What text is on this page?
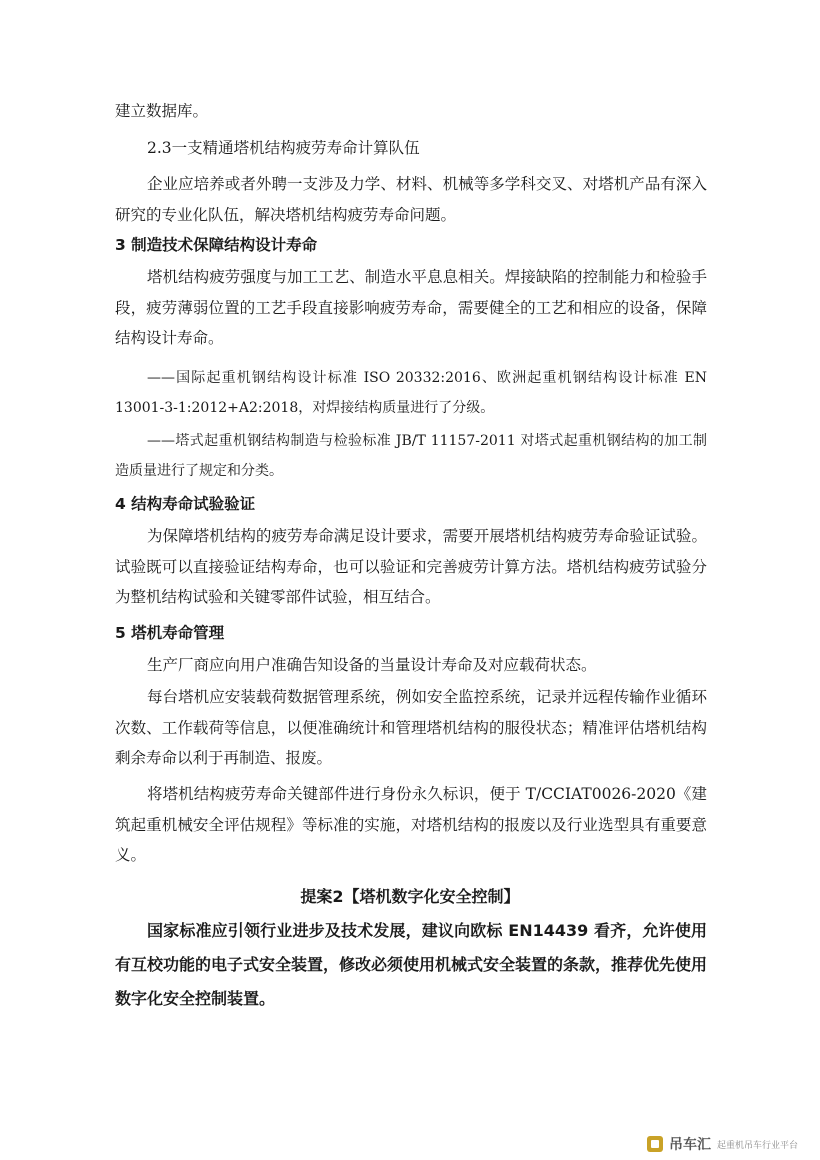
建立数据库。

2.3一支精通塔机结构疲劳寿命计算队伍

企业应培养或者外聘一支涉及力学、材料、机械等多学科交叉、对塔机产品有深入研究的专业化队伍，解决塔机结构疲劳寿命问题。

3 制造技术保障结构设计寿命

塔机结构疲劳强度与加工工艺、制造水平息息相关。焊接缺陷的控制能力和检验手段，疲劳薄弱位置的工艺手段直接影响疲劳寿命，需要健全的工艺和相应的设备，保障结构设计寿命。

——国际起重机钢结构设计标准 ISO 20332:2016、欧洲起重机钢结构设计标准 EN 13001-3-1:2012+A2:2018，对焊接结构质量进行了分级。

——塔式起重机钢结构制造与检验标准 JB/T 11157-2011 对塔式起重机钢结构的加工制造质量进行了规定和分类。

4 结构寿命试验验证

为保障塔机结构的疲劳寿命满足设计要求，需要开展塔机结构疲劳寿命验证试验。试验既可以直接验证结构寿命，也可以验证和完善疲劳计算方法。塔机结构疲劳试验分为整机结构试验和关键零部件试验，相互结合。

5 塔机寿命管理

生产厂商应向用户准确告知设备的当量设计寿命及对应载荷状态。

每台塔机应安装载荷数据管理系统，例如安全监控系统，记录并远程传输作业循环次数、工作载荷等信息，以便准确统计和管理塔机结构的服役状态；精准评估塔机结构剩余寿命以利于再制造、报废。

将塔机结构疲劳寿命关键部件进行身份永久标识，便于 T/CCIAT0026-2020《建筑起重机械安全评估规程》等标准的实施，对塔机结构的报废以及行业选型具有重要意义。

提案2【塔机数字化安全控制】

国家标准应引领行业进步及技术发展，建议向欧标 EN14439 看齐，允许使用有互校功能的电子式安全装置，修改必须使用机械式安全装置的条款，推荐优先使用数字化安全控制装置。

吊车汇 起重机吊车行业平台
